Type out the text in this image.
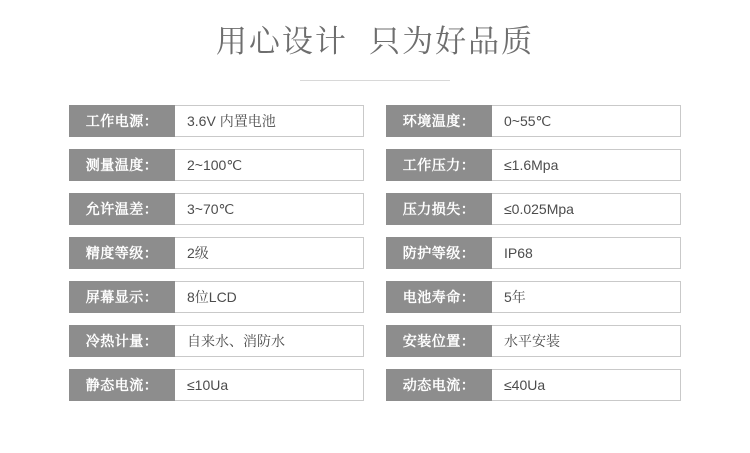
用心设计  只为好品质
工作电源：	3.6V 内置电池	环境温度：	0~55℃
测量温度：	2~100℃	工作压力：	≤1.6Mpa
允许温差：	3~70℃	压力损失：	≤0.025Mpa
精度等级：	2级	防护等级：	IP68
屏幕显示：	8位LCD	电池寿命：	5年
冷热计量：	自来水、消防水	安装位置：	水平安装
静态电流：	≤10Ua	动态电流：	≤40Ua
